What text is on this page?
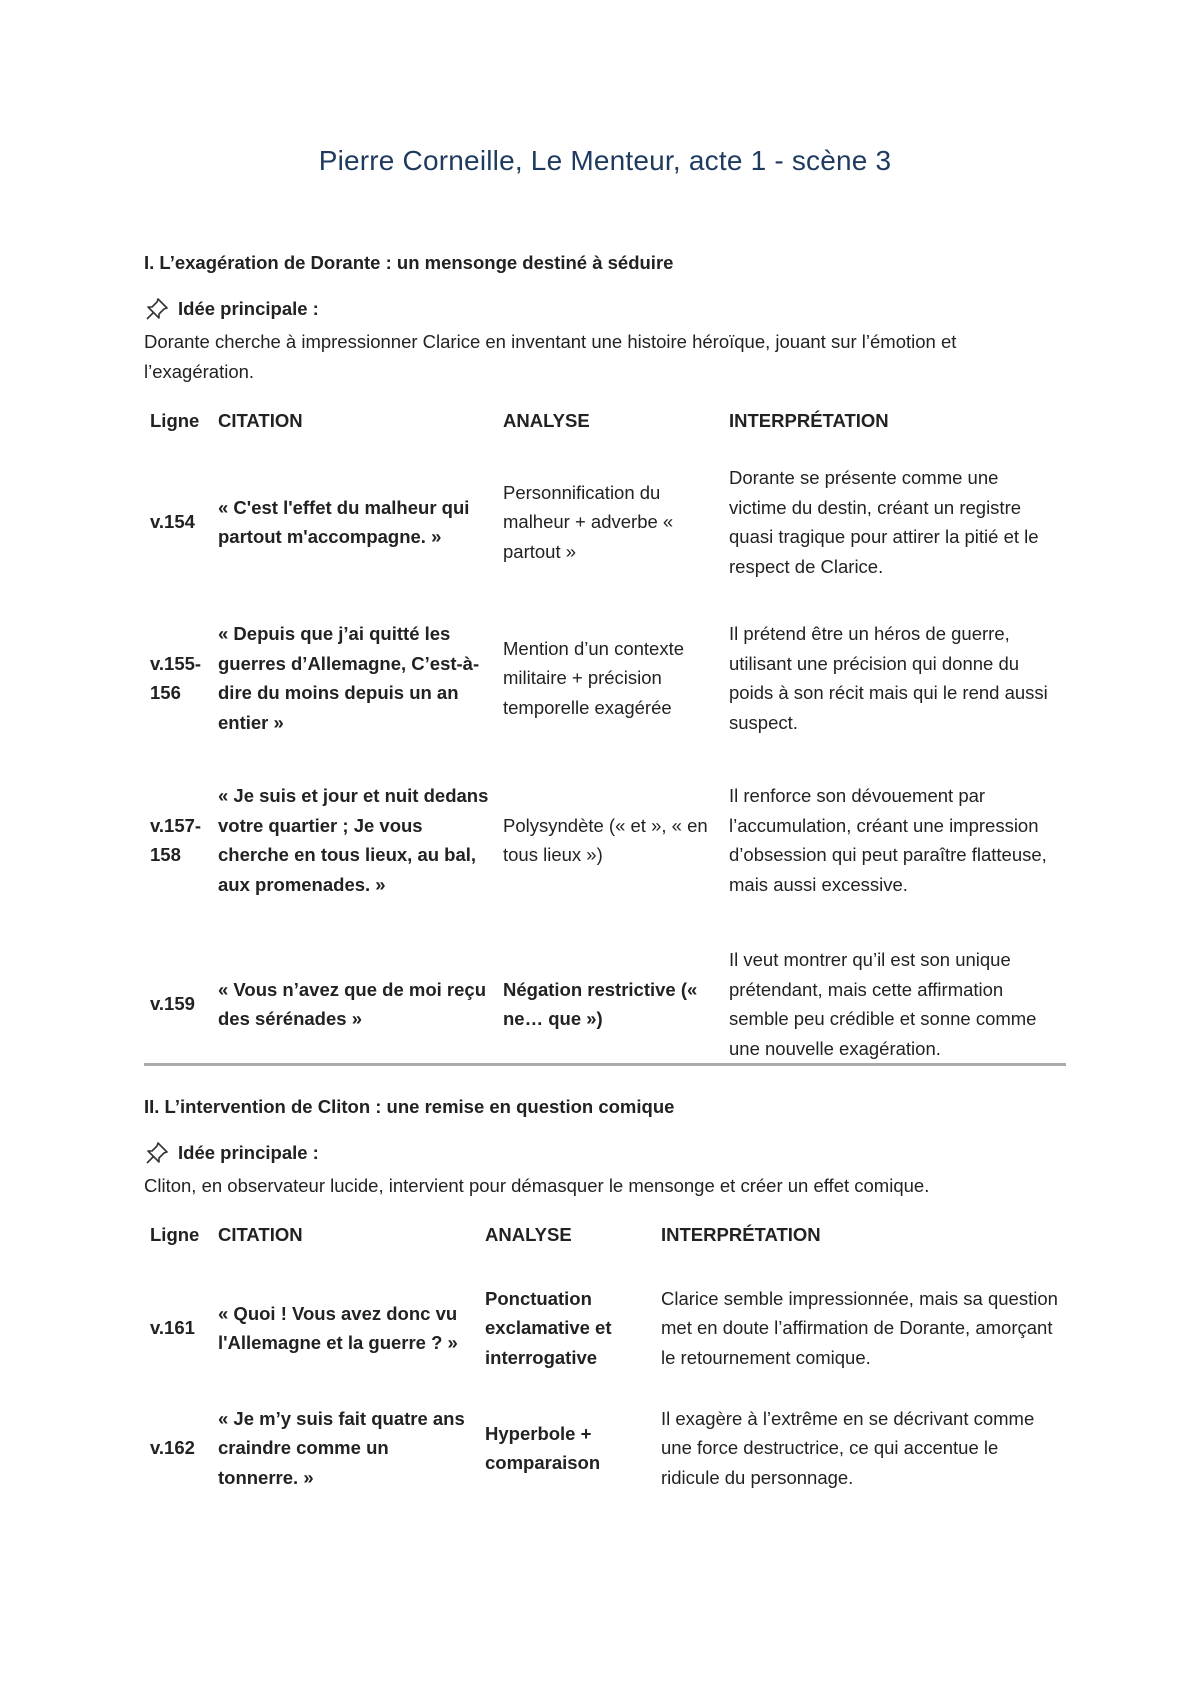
Pierre Corneille, Le Menteur, acte 1 - scène 3
I. L’exagération de Dorante : un mensonge destiné à séduire
Idée principale :
Dorante cherche à impressionner Clarice en inventant une histoire héroïque, jouant sur l’émotion et l’exagération.
Ligne	CITATION	ANALYSE	INTERPRÉTATION
v.154	« C'est l'effet du malheur qui partout m'accompagne. »	Personnification du malheur + adverbe « partout »	Dorante se présente comme une victime du destin, créant un registre quasi tragique pour attirer la pitié et le respect de Clarice.
v.155-156	« Depuis que j’ai quitté les guerres d’Allemagne, C’est-à-dire du moins depuis un an entier »	Mention d’un contexte militaire + précision temporelle exagérée	Il prétend être un héros de guerre, utilisant une précision qui donne du poids à son récit mais qui le rend aussi suspect.
v.157-158	« Je suis et jour et nuit dedans votre quartier ; Je vous cherche en tous lieux, au bal, aux promenades. »	Polysyndète (« et », « en tous lieux »)	Il renforce son dévouement par l’accumulation, créant une impression d’obsession qui peut paraître flatteuse, mais aussi excessive.
v.159	« Vous n’avez que de moi reçu des sérénades »	Négation restrictive (« ne… que »)	Il veut montrer qu’il est son unique prétendant, mais cette affirmation semble peu crédible et sonne comme une nouvelle exagération.
II. L’intervention de Cliton : une remise en question comique
Idée principale :
Cliton, en observateur lucide, intervient pour démasquer le mensonge et créer un effet comique.
Ligne	CITATION	ANALYSE	INTERPRÉTATION
v.161	« Quoi ! Vous avez donc vu l'Allemagne et la guerre ? »	Ponctuation exclamative et interrogative	Clarice semble impressionnée, mais sa question met en doute l’affirmation de Dorante, amorçant le retournement comique.
v.162	« Je m’y suis fait quatre ans craindre comme un tonnerre. »	Hyperbole + comparaison	Il exagère à l’extrême en se décrivant comme une force destructrice, ce qui accentue le ridicule du personnage.
